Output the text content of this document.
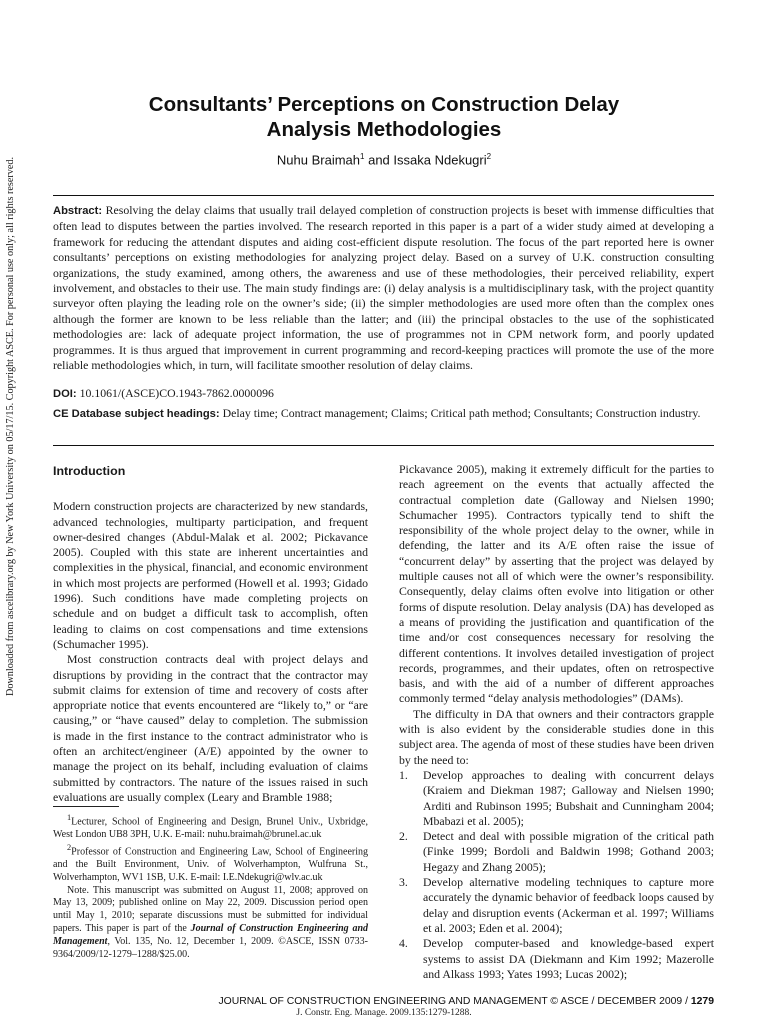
Downloaded from ascelibrary.org by New York University on 05/17/15. Copyright ASCE. For personal use only; all rights reserved.
Consultants’ Perceptions on Construction Delay
Analysis Methodologies
Nuhu Braimah$^1$ and Issaka Ndekugri$^2$
Abstract: Resolving the delay claims that usually trail delayed completion of construction projects is beset with immense difficulties that often lead to disputes between the parties involved. The research reported in this paper is a part of a wider study aimed at developing a framework for reducing the attendant disputes and aiding cost-efficient dispute resolution. The focus of the part reported here is owner consultants’ perceptions on existing methodologies for analyzing project delay. Based on a survey of U.K. construction consulting organizations, the study examined, among others, the awareness and use of these methodologies, their perceived reliability, expert involvement, and obstacles to their use. The main study findings are: (i) delay analysis is a multidisciplinary task, with the project quantity surveyor often playing the leading role on the owner’s side; (ii) the simpler methodologies are used more often than the complex ones although the former are known to be less reliable than the latter; and (iii) the principal obstacles to the use of the sophisticated methodologies are: lack of adequate project information, the use of programmes not in CPM network form, and poorly updated programmes. It is thus argued that improvement in current programming and record-keeping practices will promote the use of the more reliable methodologies which, in turn, will facilitate smoother resolution of delay claims.
DOI: 10.1061/(ASCE)CO.1943-7862.0000096
CE Database subject headings: Delay time; Contract management; Claims; Critical path method; Consultants; Construction industry.
Introduction

Modern construction projects are characterized by new standards, advanced technologies, multiparty participation, and frequent owner-desired changes (Abdul-Malak et al. 2002; Pickavance 2005). Coupled with this state are inherent uncertainties and complexities in the physical, financial, and economic environment in which most projects are performed (Howell et al. 1993; Gidado 1996). Such conditions have made completing projects on schedule and on budget a difficult task to accomplish, often leading to claims on cost compensations and time extensions (Schumacher 1995).

Most construction contracts deal with project delays and disruptions by providing in the contract that the contractor may submit claims for extension of time and recovery of costs after appropriate notice that events encountered are “likely to,” or “are causing,” or “have caused” delay to completion. The submission is made in the first instance to the contract administrator who is often an architect/engineer (A/E) appointed by the owner to manage the project on its behalf, including evaluation of claims submitted by contractors. The nature of the issues raised in such evaluations are usually complex (Leary and Bramble 1988;

$^1$Lecturer, School of Engineering and Design, Brunel Univ., Uxbridge, West London UB8 3PH, U.K. E-mail: nuhu.braimah@brunel.ac.uk

$^2$Professor of Construction and Engineering Law, School of Engineering and the Built Environment, Univ. of Wolverhampton, Wulfruna St., Wolverhampton, WV1 1SB, U.K. E-mail: I.E.Ndekugri@wlv.ac.uk

Note. This manuscript was submitted on August 11, 2008; approved on May 13, 2009; published online on May 22, 2009. Discussion period open until May 1, 2010; separate discussions must be submitted for individual papers. This paper is part of the Journal of Construction Engineering and Management, Vol. 135, No. 12, December 1, 2009. ©ASCE, ISSN 0733-9364/2009/12-1279–1288/$25.00.

Pickavance 2005), making it extremely difficult for the parties to reach agreement on the events that actually affected the contractual completion date (Galloway and Nielsen 1990; Schumacher 1995). Contractors typically tend to shift the responsibility of the whole project delay to the owner, while in defending, the latter and its A/E often raise the issue of “concurrent delay” by asserting that the project was delayed by multiple causes not all of which were the owner’s responsibility. Consequently, delay claims often evolve into litigation or other forms of dispute resolution. Delay analysis (DA) has developed as a means of providing the justification and quantification of the time and/or cost consequences necessary for resolving the different contentions. It involves detailed investigation of project records, programmes, and their updates, often on retrospective basis, and with the aid of a number of different approaches commonly termed “delay analysis methodologies” (DAMs).

The difficulty in DA that owners and their contractors grapple with is also evident by the considerable studies done in this subject area. The agenda of most of these studies have been driven by the need to:

1. Develop approaches to dealing with concurrent delays (Kraiem and Diekman 1987; Galloway and Nielsen 1990; Arditi and Rubinson 1995; Bubshait and Cunningham 2004; Mbabazi et al. 2005);
2. Detect and deal with possible migration of the critical path (Finke 1999; Bordoli and Baldwin 1998; Gothand 2003; Hegazy and Zhang 2005);
3. Develop alternative modeling techniques to capture more accurately the dynamic behavior of feedback loops caused by delay and disruption events (Ackerman et al. 1997; Williams et al. 2003; Eden et al. 2004);
4. Develop computer-based and knowledge-based expert systems to assist DA (Diekmann and Kim 1992; Mazerolle and Alkass 1993; Yates 1993; Lucas 2002);
JOURNAL OF CONSTRUCTION ENGINEERING AND MANAGEMENT © ASCE / DECEMBER 2009 / 1279
J. Constr. Eng. Manage. 2009.135:1279-1288.
